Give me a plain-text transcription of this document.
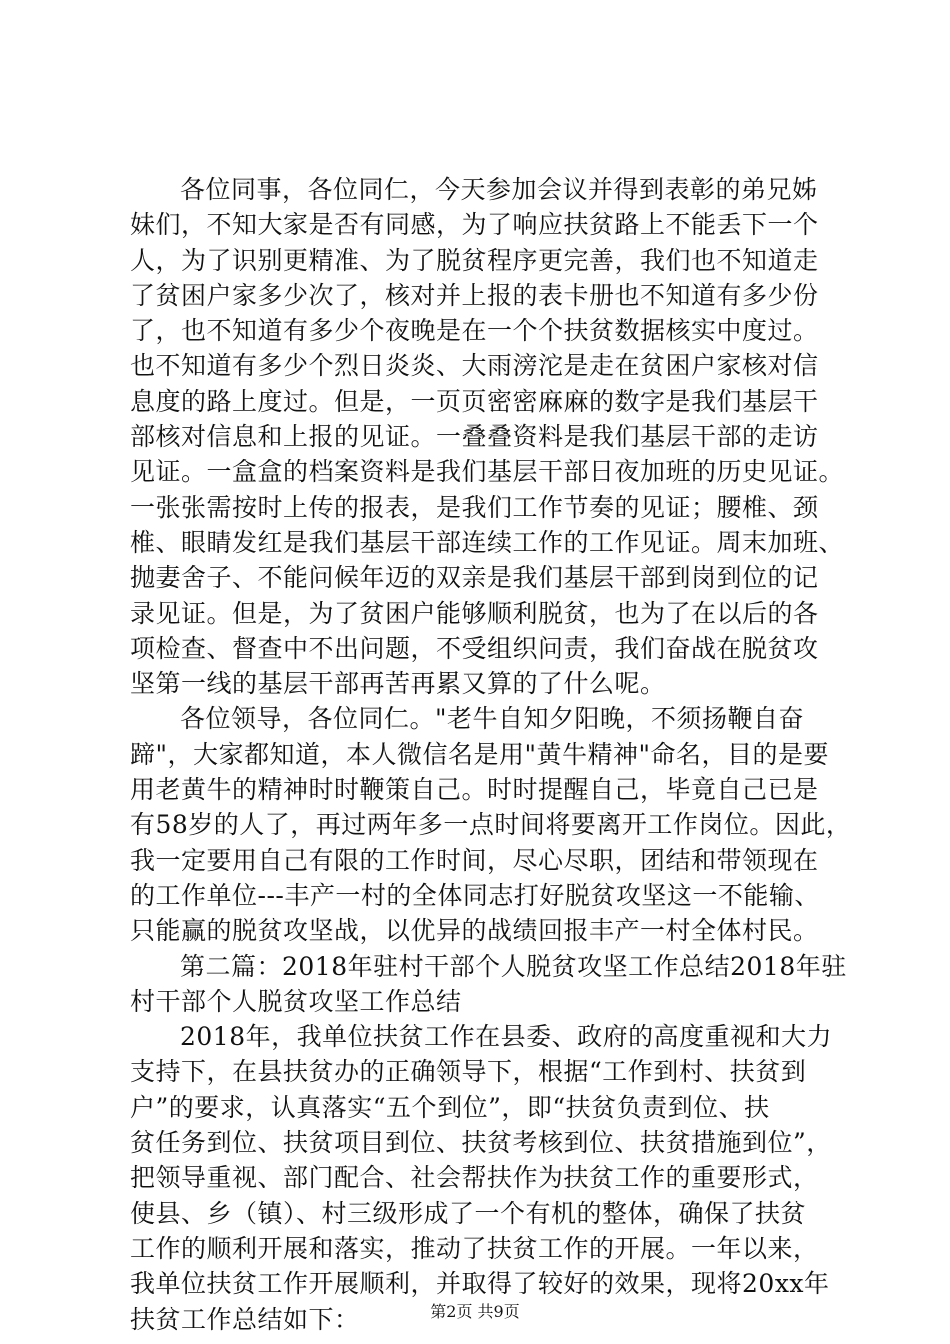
各位同事，各位同仁，今天参加会议并得到表彰的弟兄姊
妹们，不知大家是否有同感，为了响应扶贫路上不能丢下一个
人，为了识别更精准、为了脱贫程序更完善，我们也不知道走
了贫困户家多少次了，核对并上报的表卡册也不知道有多少份
了，也不知道有多少个夜晚是在一个个扶贫数据核实中度过。
也不知道有多少个烈日炎炎、大雨滂沱是走在贫困户家核对信
息度的路上度过。但是，一页页密密麻麻的数字是我们基层干
部核对信息和上报的见证。一叠叠资料是我们基层干部的走访
见证。一盒盒的档案资料是我们基层干部日夜加班的历史见证。
一张张需按时上传的报表，是我们工作节奏的见证；腰椎、颈
椎、眼睛发红是我们基层干部连续工作的工作见证。周末加班、
抛妻舍子、不能问候年迈的双亲是我们基层干部到岗到位的记
录见证。但是，为了贫困户能够顺利脱贫，也为了在以后的各
项检查、督查中不出问题，不受组织问责，我们奋战在脱贫攻
坚第一线的基层干部再苦再累又算的了什么呢。
各位领导，各位同仁。"老牛自知夕阳晚，不须扬鞭自奋
蹄"，大家都知道，本人微信名是用"黄牛精神"命名，目的是要
用老黄牛的精神时时鞭策自己。时时提醒自己，毕竟自己已是
有58岁的人了，再过两年多一点时间将要离开工作岗位。因此，
我一定要用自己有限的工作时间，尽心尽职，团结和带领现在
的工作单位---丰产一村的全体同志打好脱贫攻坚这一不能输、
只能赢的脱贫攻坚战，以优异的战绩回报丰产一村全体村民。
第二篇：2018年驻村干部个人脱贫攻坚工作总结2018年驻
村干部个人脱贫攻坚工作总结
2018年，我单位扶贫工作在县委、政府的高度重视和大力
支持下，在县扶贫办的正确领导下，根据“工作到村、扶贫到
户”的要求，认真落实“五个到位”，即“扶贫负责到位、扶
贫任务到位、扶贫项目到位、扶贫考核到位、扶贫措施到位”，
把领导重视、部门配合、社会帮扶作为扶贫工作的重要形式，
使县、乡（镇）、村三级形成了一个有机的整体，确保了扶贫
工作的顺利开展和落实，推动了扶贫工作的开展。一年以来，
我单位扶贫工作开展顺利，并取得了较好的效果，现将20xx年
扶贫工作总结如下：	第2页 共9页
